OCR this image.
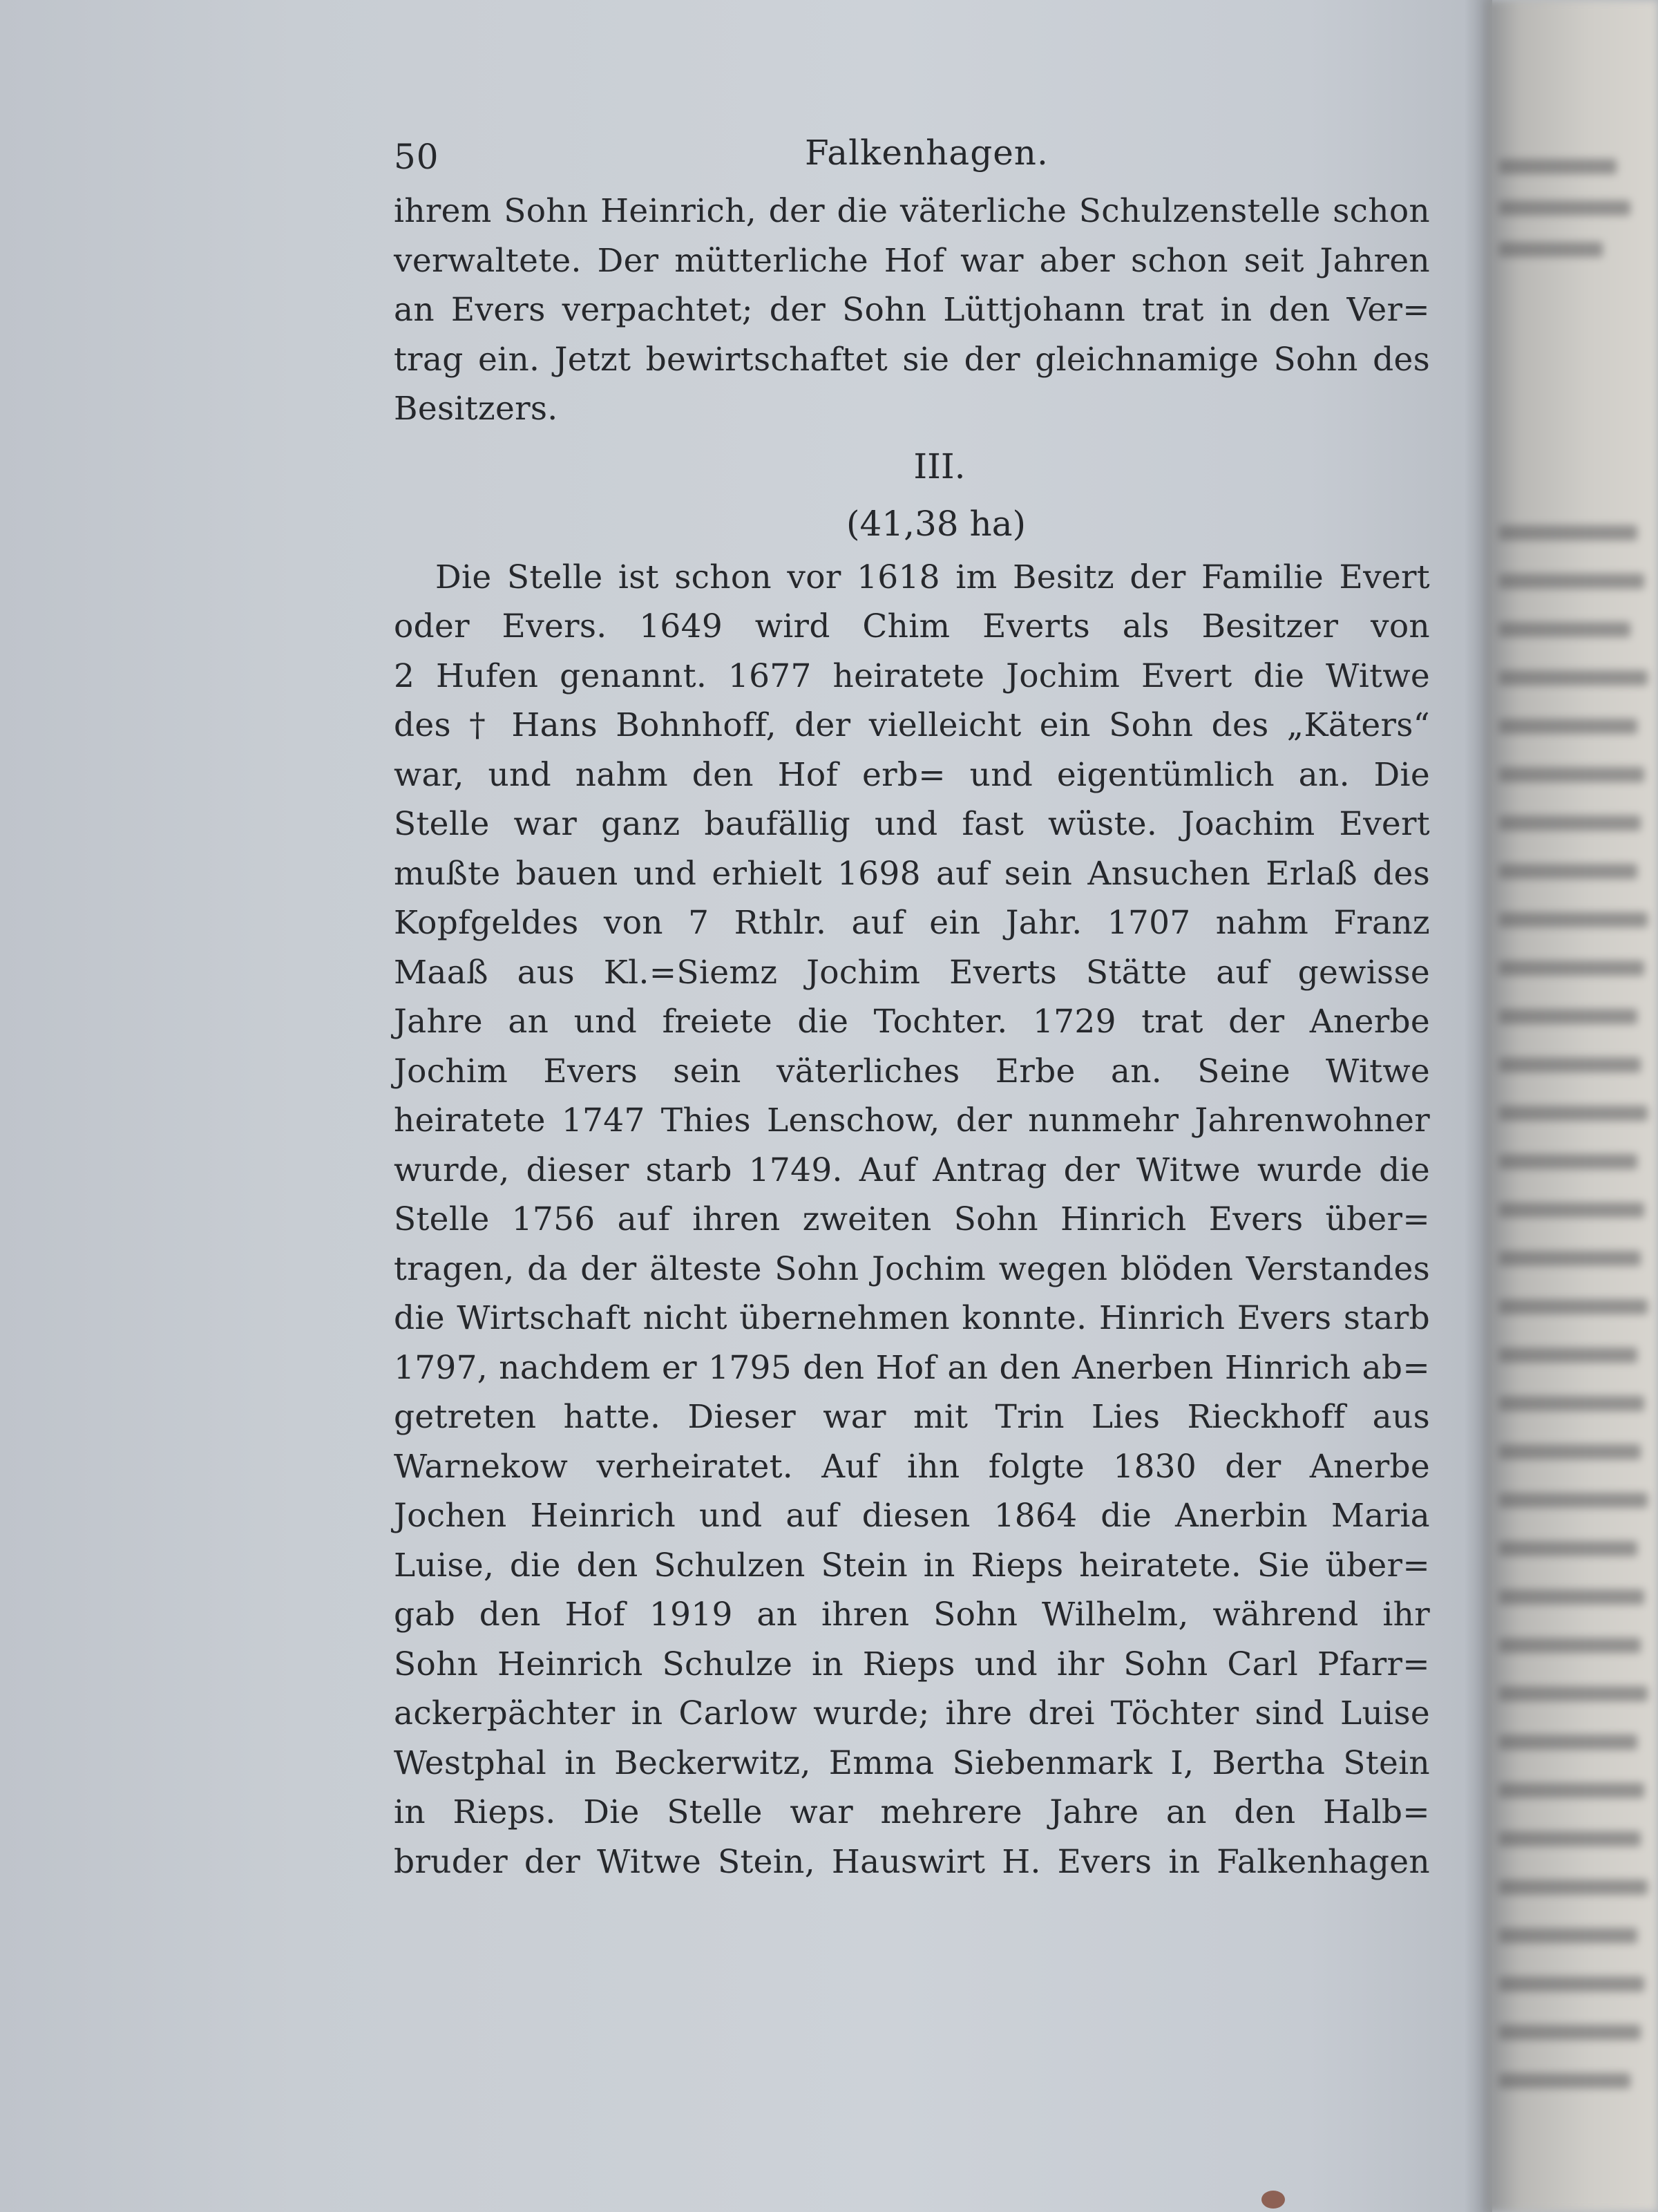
50	Falkenhagen.

ihrem Sohn Heinrich, der die väterliche Schulzenstelle schon
verwaltete. Der mütterliche Hof war aber schon seit Jahren
an Evers verpachtet; der Sohn Lüttjohann trat in den Ver=
trag ein. Jetzt bewirtschaftet sie der gleichnamige Sohn des
Besitzers.

III.
(41,38 ha)

Die Stelle ist schon vor 1618 im Besitz der Familie Evert
oder Evers. 1649 wird Chim Everts als Besitzer von
2 Hufen genannt. 1677 heiratete Jochim Evert die Witwe
des † Hans Bohnhoff, der vielleicht ein Sohn des „Käters“
war, und nahm den Hof erb= und eigentümlich an. Die
Stelle war ganz baufällig und fast wüste. Joachim Evert
mußte bauen und erhielt 1698 auf sein Ansuchen Erlaß des
Kopfgeldes von 7 Rthlr. auf ein Jahr. 1707 nahm Franz
Maaß aus Kl.=Siemz Jochim Everts Stätte auf gewisse
Jahre an und freiete die Tochter. 1729 trat der Anerbe
Jochim Evers sein väterliches Erbe an. Seine Witwe
heiratete 1747 Thies Lenschow, der nunmehr Jahrenwohner
wurde, dieser starb 1749. Auf Antrag der Witwe wurde die
Stelle 1756 auf ihren zweiten Sohn Hinrich Evers über=
tragen, da der älteste Sohn Jochim wegen blöden Verstandes
die Wirtschaft nicht übernehmen konnte. Hinrich Evers starb
1797, nachdem er 1795 den Hof an den Anerben Hinrich ab=
getreten hatte. Dieser war mit Trin Lies Rieckhoff aus
Warnekow verheiratet. Auf ihn folgte 1830 der Anerbe
Jochen Heinrich und auf diesen 1864 die Anerbin Maria
Luise, die den Schulzen Stein in Rieps heiratete. Sie über=
gab den Hof 1919 an ihren Sohn Wilhelm, während ihr
Sohn Heinrich Schulze in Rieps und ihr Sohn Carl Pfarr=
ackerpächter in Carlow wurde; ihre drei Töchter sind Luise
Westphal in Beckerwitz, Emma Siebenmark I, Bertha Stein
in Rieps. Die Stelle war mehrere Jahre an den Halb=
bruder der Witwe Stein, Hauswirt H. Evers in Falkenhagen
